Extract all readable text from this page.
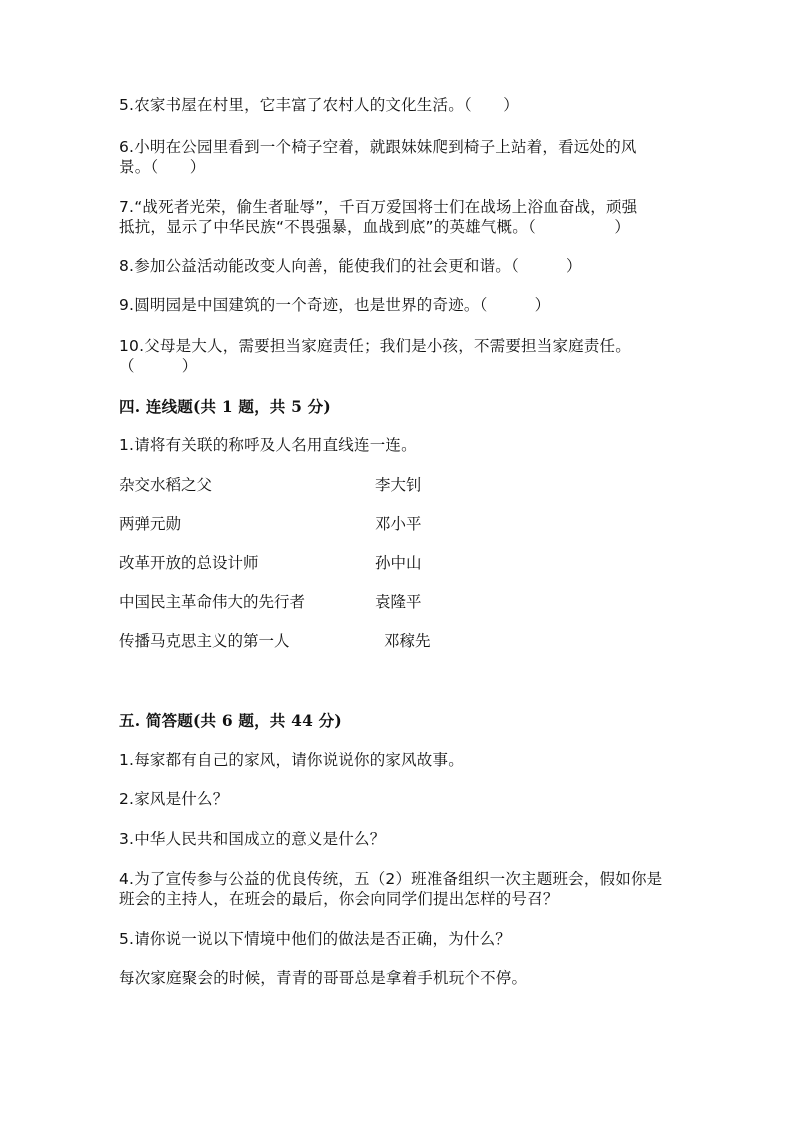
5.农家书屋在村里，它丰富了农村人的文化生活。（　　）
6.小明在公园里看到一个椅子空着，就跟妹妹爬到椅子上站着，看远处的风
景。（　　）
7.“战死者光荣，偷生者耻辱”，千百万爱国将士们在战场上浴血奋战，顽强
抵抗，显示了中华民族“不畏强暴，血战到底”的英雄气概。（　　　　　）
8.参加公益活动能改变人向善，能使我们的社会更和谐。（　　　）
9.圆明园是中国建筑的一个奇迹，也是世界的奇迹。（　　　）
10.父母是大人，需要担当家庭责任；我们是小孩，不需要担当家庭责任。
（　　　）
四. 连线题(共 1 题，共 5 分)
1.请将有关联的称呼及人名用直线连一连。
杂交水稻之父	李大钊
两弹元勋	邓小平
改革开放的总设计师	孙中山
中国民主革命伟大的先行者	袁隆平
传播马克思主义的第一人	邓稼先
五. 简答题(共 6 题，共 44 分)
1.每家都有自己的家风，请你说说你的家风故事。
2.家风是什么？
3.中华人民共和国成立的意义是什么？
4.为了宣传参与公益的优良传统，五（2）班准备组织一次主题班会，假如你是
班会的主持人，在班会的最后，你会向同学们提出怎样的号召？
5.请你说一说以下情境中他们的做法是否正确，为什么？
每次家庭聚会的时候，青青的哥哥总是拿着手机玩个不停。
